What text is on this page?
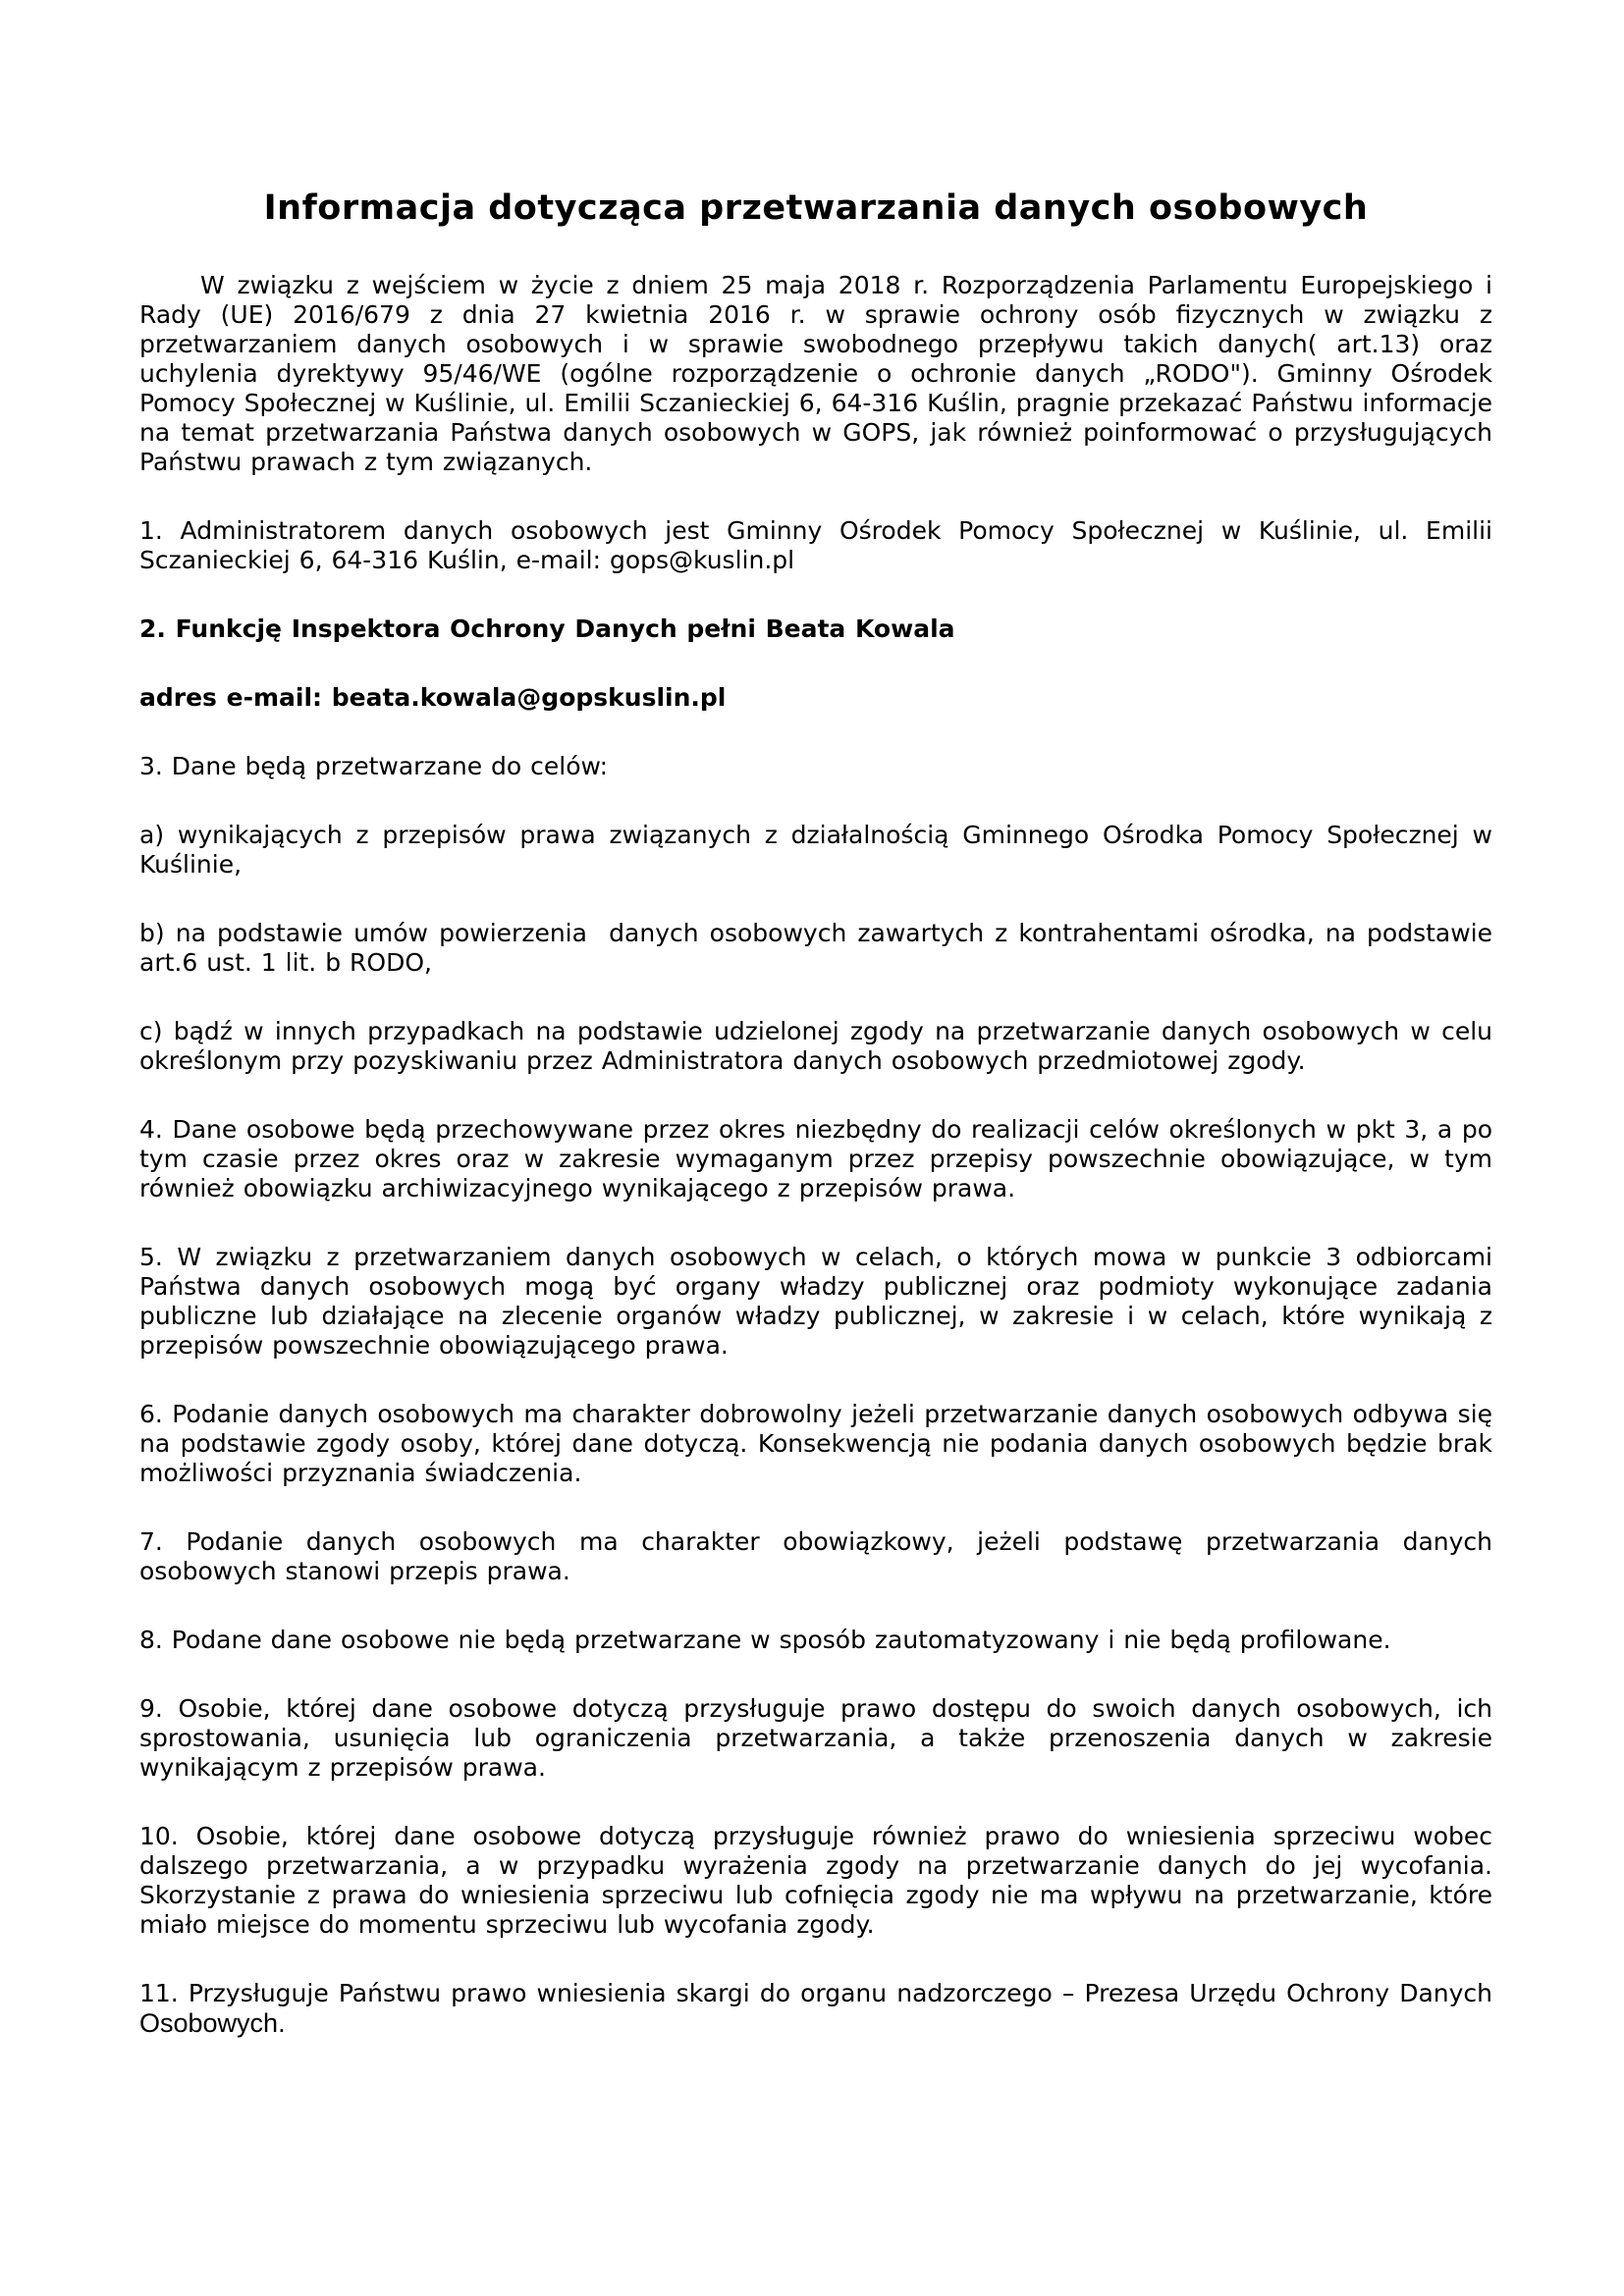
Informacja dotycząca przetwarzania danych osobowych

W związku z wejściem w życie z dniem 25 maja 2018 r. Rozporządzenia Parlamentu Europejskiego i Rady (UE) 2016/679 z dnia 27 kwietnia 2016 r. w sprawie ochrony osób fizycznych w związku z przetwarzaniem danych osobowych i w sprawie swobodnego przepływu takich danych( art.13) oraz uchylenia dyrektywy 95/46/WE (ogólne rozporządzenie o ochronie danych „RODO"). Gminny Ośrodek Pomocy Społecznej w Kuślinie, ul. Emilii Sczanieckiej 6, 64-316 Kuślin, pragnie przekazać Państwu informacje na temat przetwarzania Państwa danych osobowych w GOPS, jak również poinformować o przysługujących Państwu prawach z tym związanych.

1. Administratorem danych osobowych jest Gminny Ośrodek Pomocy Społecznej w Kuślinie, ul. Emilii Sczanieckiej 6, 64-316 Kuślin, e-mail: gops@kuslin.pl

2. Funkcję Inspektora Ochrony Danych pełni Beata Kowala

adres e-mail: beata.kowala@gopskuslin.pl

3. Dane będą przetwarzane do celów:

a) wynikających z przepisów prawa związanych z działalnością Gminnego Ośrodka Pomocy Społecznej w Kuślinie,

b) na podstawie umów powierzenia  danych osobowych zawartych z kontrahentami ośrodka, na podstawie art.6 ust. 1 lit. b RODO,

c) bądź w innych przypadkach na podstawie udzielonej zgody na przetwarzanie danych osobowych w celu określonym przy pozyskiwaniu przez Administratora danych osobowych przedmiotowej zgody.

4. Dane osobowe będą przechowywane przez okres niezbędny do realizacji celów określonych w pkt 3, a po tym czasie przez okres oraz w zakresie wymaganym przez przepisy powszechnie obowiązujące, w tym również obowiązku archiwizacyjnego wynikającego z przepisów prawa.

5. W związku z przetwarzaniem danych osobowych w celach, o których mowa w punkcie 3 odbiorcami Państwa danych osobowych mogą być organy władzy publicznej oraz podmioty wykonujące zadania publiczne lub działające na zlecenie organów władzy publicznej, w zakresie i w celach, które wynikają z przepisów powszechnie obowiązującego prawa.

6. Podanie danych osobowych ma charakter dobrowolny jeżeli przetwarzanie danych osobowych odbywa się na podstawie zgody osoby, której dane dotyczą. Konsekwencją nie podania danych osobowych będzie brak możliwości przyznania świadczenia.

7. Podanie danych osobowych ma charakter obowiązkowy, jeżeli podstawę przetwarzania danych osobowych stanowi przepis prawa.

8. Podane dane osobowe nie będą przetwarzane w sposób zautomatyzowany i nie będą profilowane.

9. Osobie, której dane osobowe dotyczą przysługuje prawo dostępu do swoich danych osobowych, ich sprostowania, usunięcia lub ograniczenia przetwarzania, a także przenoszenia danych w zakresie wynikającym z przepisów prawa.

10. Osobie, której dane osobowe dotyczą przysługuje również prawo do wniesienia sprzeciwu wobec dalszego przetwarzania, a w przypadku wyrażenia zgody na przetwarzanie danych do jej wycofania. Skorzystanie z prawa do wniesienia sprzeciwu lub cofnięcia zgody nie ma wpływu na przetwarzanie, które miało miejsce do momentu sprzeciwu lub wycofania zgody.

11. Przysługuje Państwu prawo wniesienia skargi do organu nadzorczego – Prezesa Urzędu Ochrony Danych Osobowych.
